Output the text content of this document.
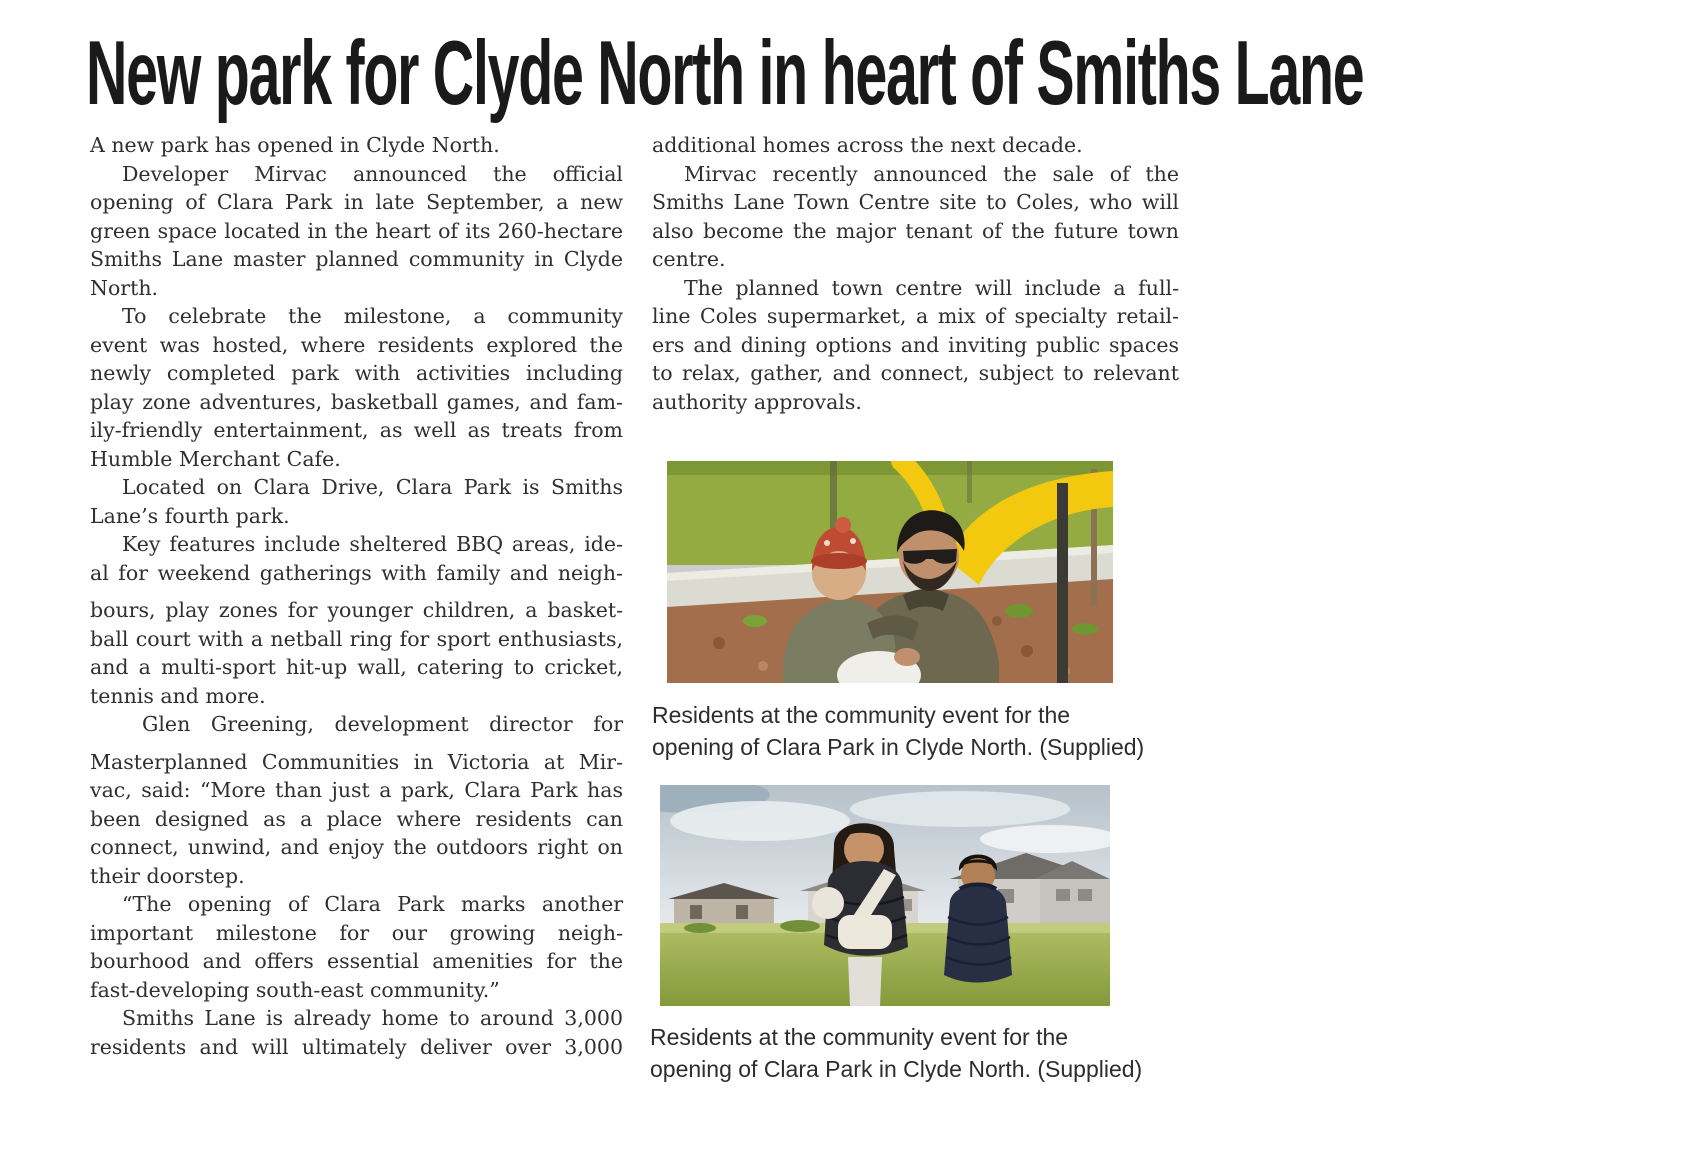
New park for Clyde North in heart of Smiths Lane
A new park has opened in Clyde North.
Developer Mirvac announced the official
opening of Clara Park in late September, a new
green space located in the heart of its 260-hectare
Smiths Lane master planned community in Clyde
North.
To celebrate the milestone, a community
event was hosted, where residents explored the
newly completed park with activities including
play zone adventures, basketball games, and fam-
ily-friendly entertainment, as well as treats from
Humble Merchant Cafe.
Located on Clara Drive, Clara Park is Smiths
Lane’s fourth park.
Key features include sheltered BBQ areas, ide-
al for weekend gatherings with family and neigh-
bours, play zones for younger children, a basket-
ball court with a netball ring for sport enthusiasts,
and a multi-sport hit-up wall, catering to cricket,
tennis and more.
Glen Greening, development director for
Masterplanned Communities in Victoria at Mir-
vac, said: “More than just a park, Clara Park has
been designed as a place where residents can
connect, unwind, and enjoy the outdoors right on
their doorstep.
“The opening of Clara Park marks another
important milestone for our growing neigh-
bourhood and offers essential amenities for the
fast-developing south-east community.”
Smiths Lane is already home to around 3,000
residents and will ultimately deliver over 3,000
additional homes across the next decade.
Mirvac recently announced the sale of the
Smiths Lane Town Centre site to Coles, who will
also become the major tenant of the future town
centre.
The planned town centre will include a full-
line Coles supermarket, a mix of specialty retail-
ers and dining options and inviting public spaces
to relax, gather, and connect, subject to relevant
authority approvals.
Residents at the community event for the
opening of Clara Park in Clyde North. (Supplied)
Residents at the community event for the
opening of Clara Park in Clyde North. (Supplied)
